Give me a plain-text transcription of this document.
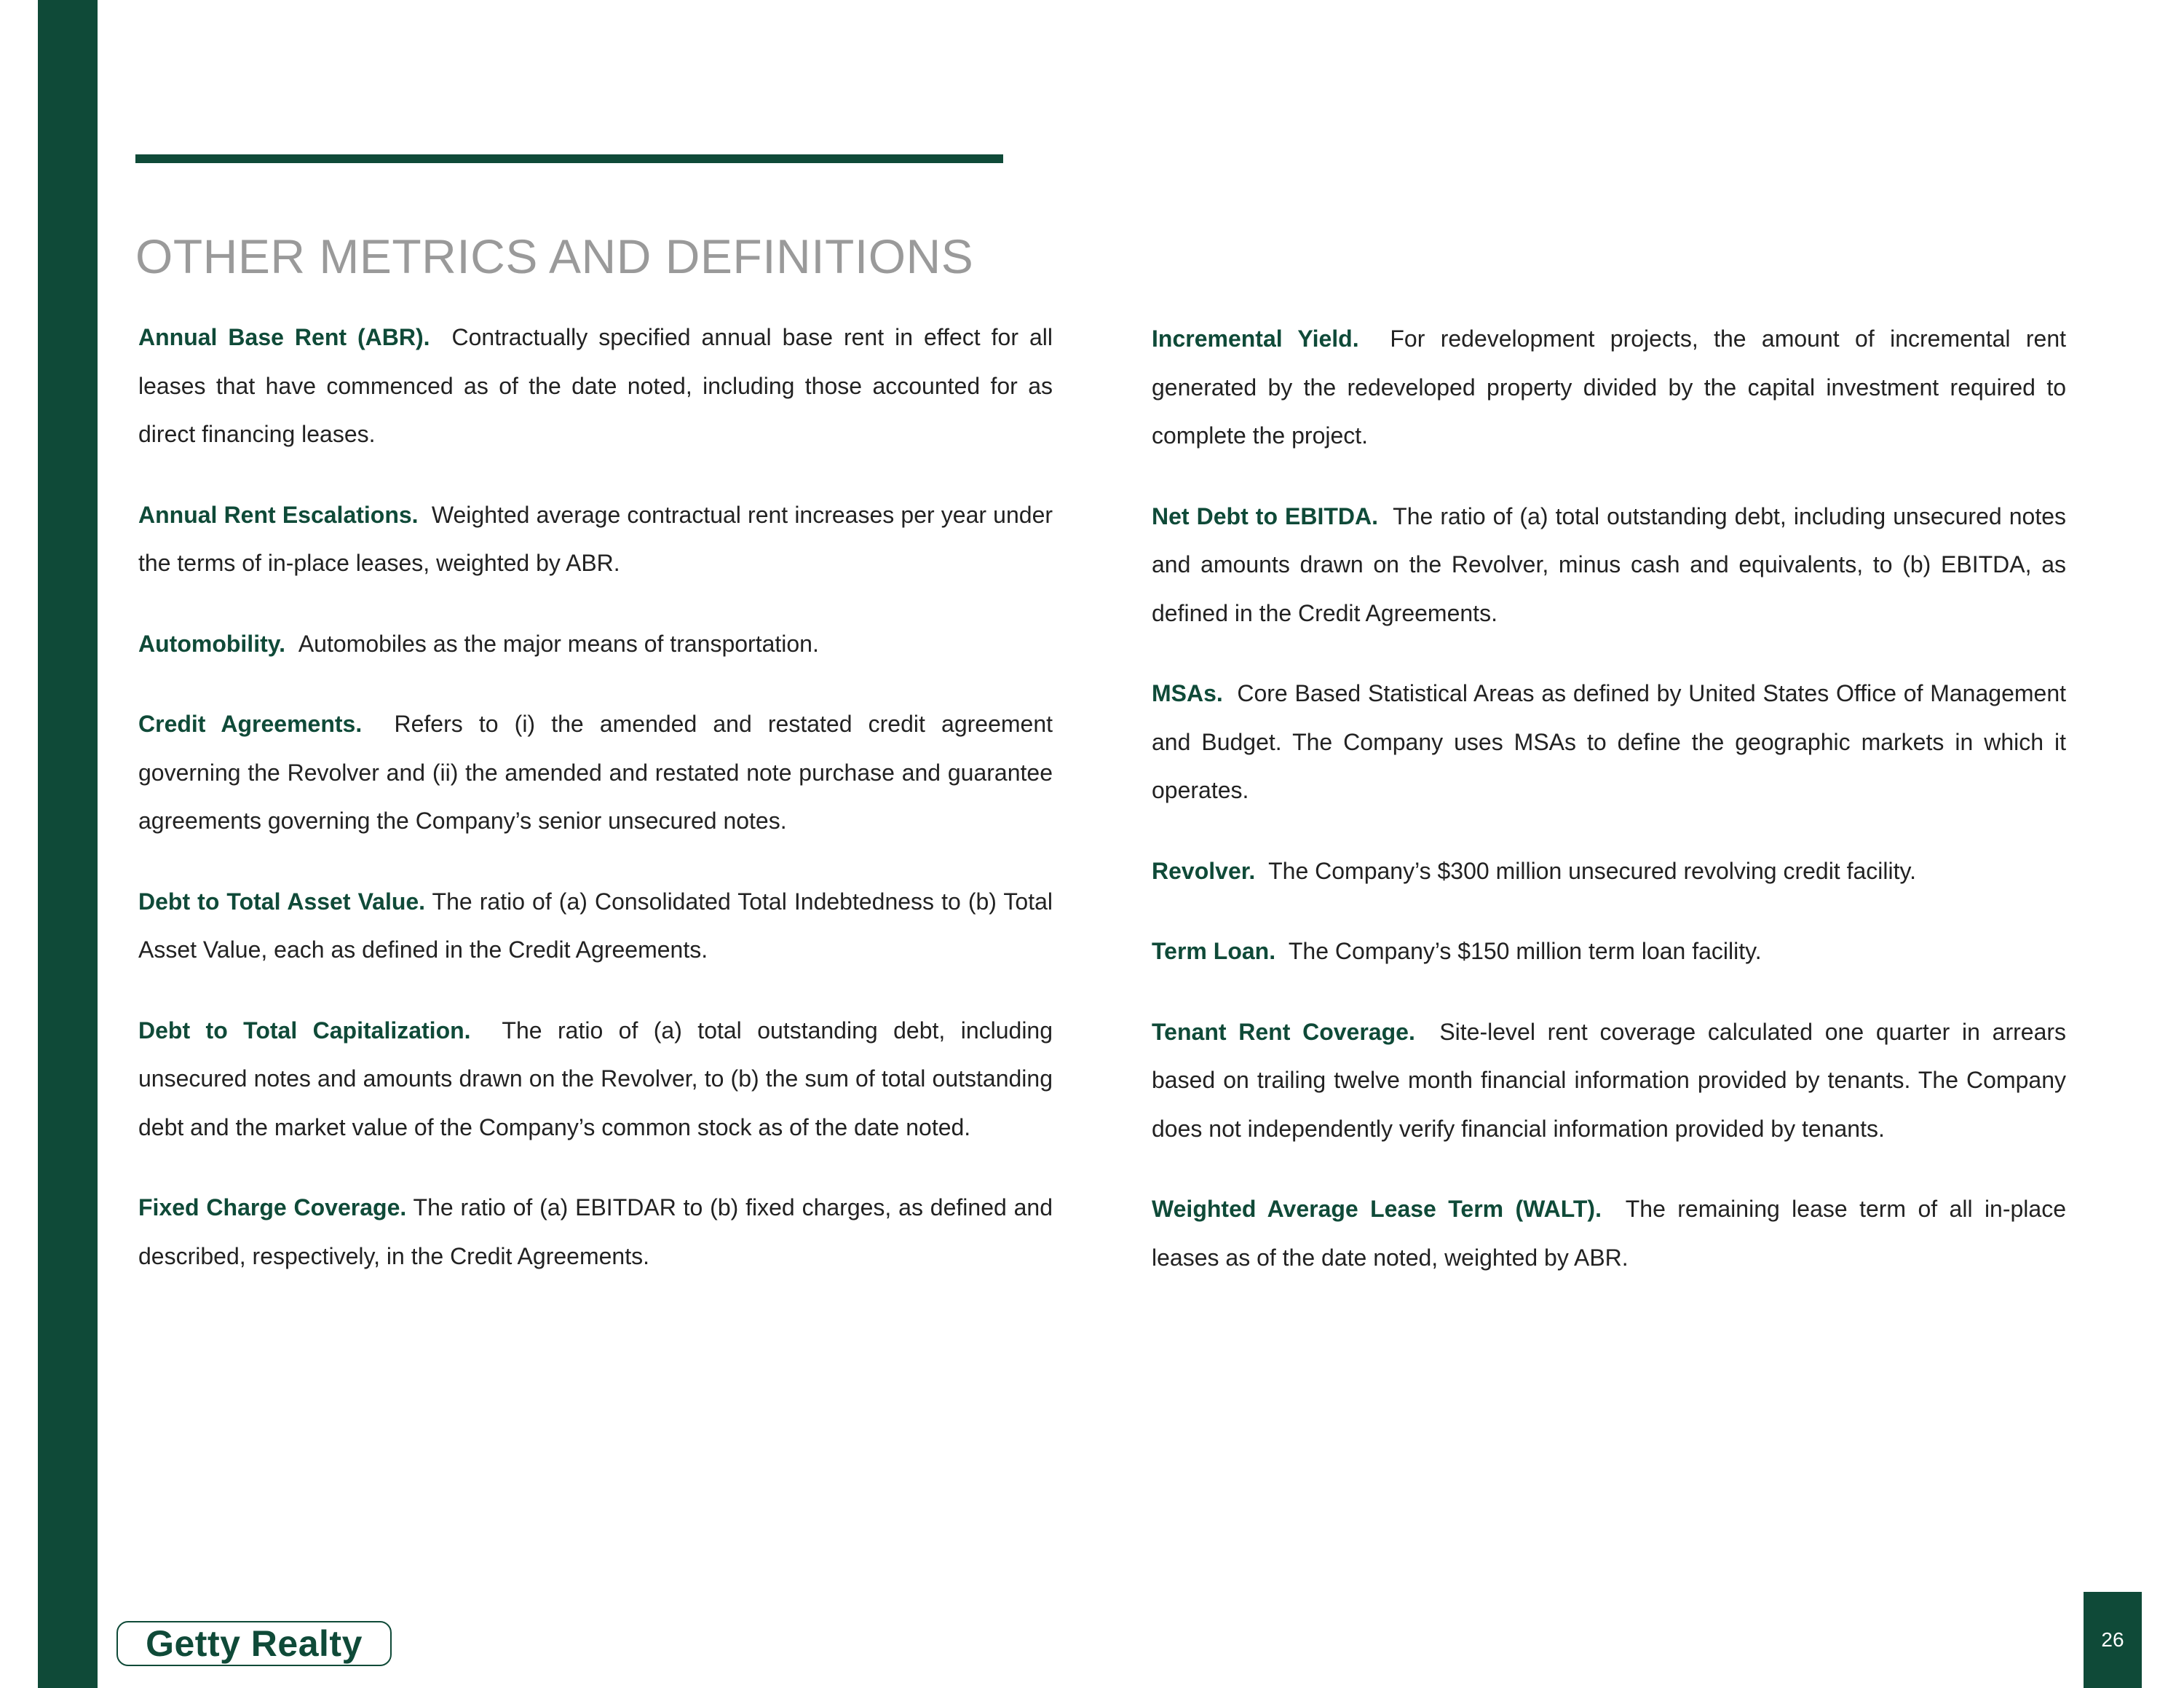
OTHER METRICS AND DEFINITIONS

Annual Base Rent (ABR). Contractually specified annual base rent in effect for all leases that have commenced as of the date noted, including those accounted for as direct financing leases.

Annual Rent Escalations. Weighted average contractual rent increases per year under the terms of in-place leases, weighted by ABR.

Automobility. Automobiles as the major means of transportation.

Credit Agreements. Refers to (i) the amended and restated credit agreement governing the Revolver and (ii) the amended and restated note purchase and guarantee agreements governing the Company’s senior unsecured notes.

Debt to Total Asset Value. The ratio of (a) Consolidated Total Indebtedness to (b) Total Asset Value, each as defined in the Credit Agreements.

Debt to Total Capitalization. The ratio of (a) total outstanding debt, including unsecured notes and amounts drawn on the Revolver, to (b) the sum of total outstanding debt and the market value of the Company’s common stock as of the date noted.

Fixed Charge Coverage. The ratio of (a) EBITDAR to (b) fixed charges, as defined and described, respectively, in the Credit Agreements.

Incremental Yield. For redevelopment projects, the amount of incremental rent generated by the redeveloped property divided by the capital investment required to complete the project.

Net Debt to EBITDA. The ratio of (a) total outstanding debt, including unsecured notes and amounts drawn on the Revolver, minus cash and equivalents, to (b) EBITDA, as defined in the Credit Agreements.

MSAs. Core Based Statistical Areas as defined by United States Office of Management and Budget. The Company uses MSAs to define the geographic markets in which it operates.

Revolver. The Company’s $300 million unsecured revolving credit facility.

Term Loan. The Company’s $150 million term loan facility.

Tenant Rent Coverage. Site-level rent coverage calculated one quarter in arrears based on trailing twelve month financial information provided by tenants. The Company does not independently verify financial information provided by tenants.

Weighted Average Lease Term (WALT). The remaining lease term of all in-place leases as of the date noted, weighted by ABR.

Getty Realty	26
